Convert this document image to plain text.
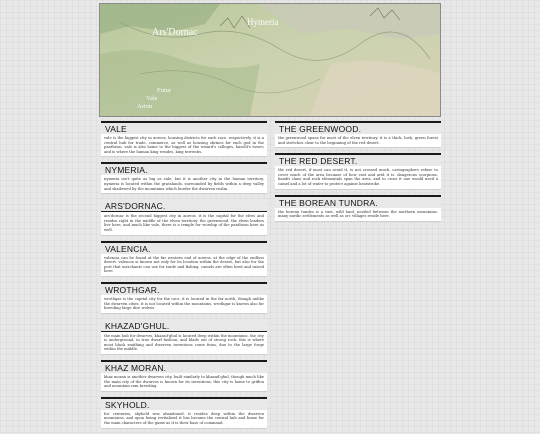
Ars'Dornac
Hymeria
Futur
Vale
Arion
VALE
vale is the biggest city in aoreos, housing districts for each race. respectively. it is a central hub for trade, commerce, as well as housing shrines for each god in the pantheon. vale is also home to the biggest of the wizard's colleges, harold's tower, and is where the human king resides, king terrentis.
NYMERIA.
nymeria isn't quite as big as vale, but it is another city in the human territory. nymeria is located within the grasslands, surrounded by fields within a deep valley and shadowed by the mountains which border the dwarven realm.
ARS'DORNAC.
ars'dornac is the second biggest city in aoreos. it is the capital for the elves and resides right in the middle of the elven territory. the greenwood. the elven leaders live here, and much like vale, there is a temple for worship of the pantheon here as well.
VALENCIA.
valencia can be found at the far western end of aoreos, at the edge of the endless desert. valencia is known not only for its location within the desert, but also for the port that merchants can use for trade and fishing. camels are often bred and raised here.
WROTHGAR.
wrothgar is the capital city for the orcs. it is located in the far north, though unlike the dwarven cities, it is not located within the mountains. wrothgar is known also for breeding large dire wolves.
KHAZAD'GHUL.
the main hub for dwarves, khazad'ghul is located deep within the mountains. the city is underground, in true dwarf fashion, and blade out of strong rock. this is where most black smithing and dwarven inventions come from, due to the large forge within the middle.
KHAZ MORAN.
khaz moran is another dwarven city, built similarly to khazad'ghul, though much like the main city of the dwarves is known for its inventions, this city is home to griffon and mountain ram breeding.
SKYHOLD.
for centuries, skyhold was abandoned. it resides deep within the dwarven mountains, and upon being revitalized it has become the central hub and home for the main characters of the game as it is their base of command.
THE GREENWOOD.
the greenwood spans for most of the elven territory. it is a thick, lush, green forest and stretches clear to the beginning of the red desert.
THE RED DESERT.
the red desert, if most can avoid it, is not crossed much. cartographers refuse to cover much of the area because of how vast and arid it is. dangerous scorpions, bandit clans and rock elementals span the area, and to cross it one would need a camel and a lot of water to protect against heatstroke.
THE BOREAN TUNDRA.
the borean tundra is a vast, wild land, nestled between the northern mountains. many nordic settlements as well as orc villages reside here.
